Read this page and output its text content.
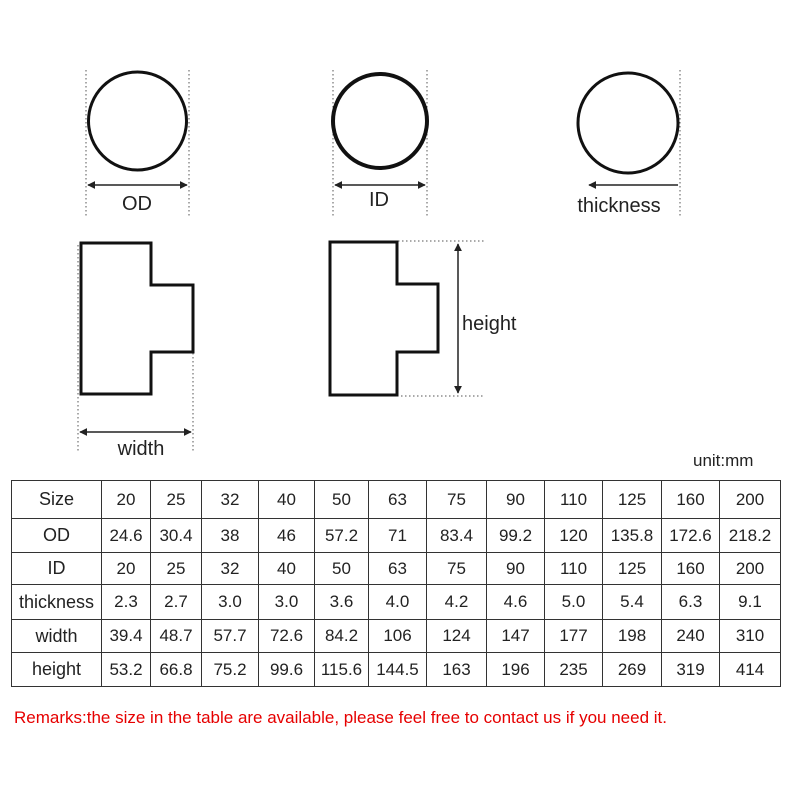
OD	ID	thickness
width
height
unit:mm
Size	20	25	32	40	50	63	75	90	110	125	160	200
OD	24.6	30.4	38	46	57.2	71	83.4	99.2	120	135.8	172.6	218.2
ID	20	25	32	40	50	63	75	90	110	125	160	200
thickness	2.3	2.7	3.0	3.0	3.6	4.0	4.2	4.6	5.0	5.4	6.3	9.1
width	39.4	48.7	57.7	72.6	84.2	106	124	147	177	198	240	310
height	53.2	66.8	75.2	99.6	115.6	144.5	163	196	235	269	319	414
Remarks:the size in the table are available, please feel free to contact us if you need it.
